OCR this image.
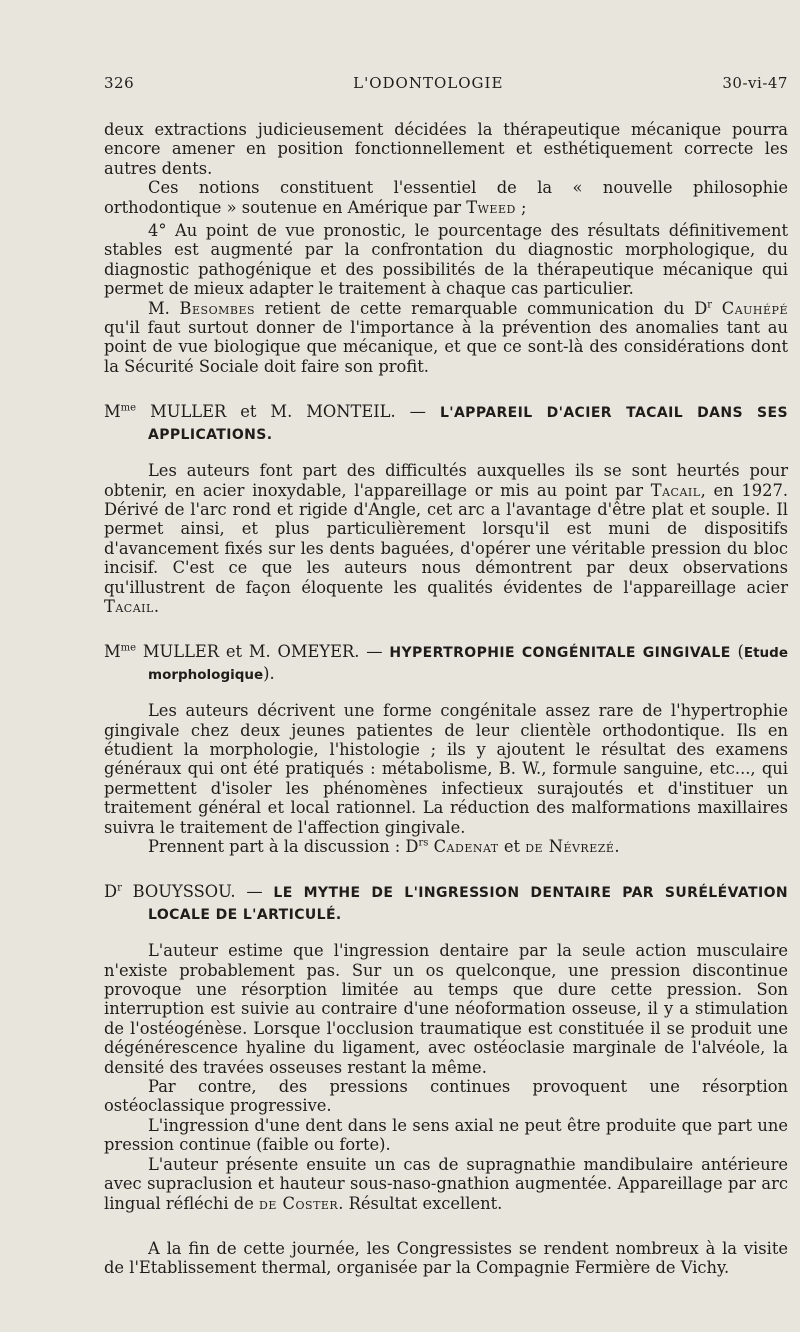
326	L'ODONTOLOGIE	30-vi-47

deux extractions judicieusement décidées la thérapeutique mécanique pourra encore amener en position fonctionnellement et esthétiquement correcte les autres dents.

Ces notions constituent l'essentiel de la « nouvelle philosophie orthodontique » soutenue en Amérique par Tweed ;

4° Au point de vue pronostic, le pourcentage des résultats définitivement stables est augmenté par la confrontation du diagnostic morphologique, du diagnostic pathogénique et des possibilités de la thérapeutique mécanique qui permet de mieux adapter le traitement à chaque cas particulier.

M. Besombes retient de cette remarquable communication du $D^r$ Cauhépé qu'il faut surtout donner de l'importance à la prévention des anomalies tant au point de vue biologique que mécanique, et que ce sont-là des considérations dont la Sécurité Sociale doit faire son profit.

$M^{me}$ MULLER et M. MONTEIL. — L'APPAREIL D'ACIER TACAIL DANS SES APPLICATIONS.

Les auteurs font part des difficultés auxquelles ils se sont heurtés pour obtenir, en acier inoxydable, l'appareillage or mis au point par Tacail, en 1927. Dérivé de l'arc rond et rigide d'Angle, cet arc a l'avantage d'être plat et souple. Il permet ainsi, et plus particulièrement lorsqu'il est muni de dispositifs d'avancement fixés sur les dents baguées, d'opérer une véritable pression du bloc incisif. C'est ce que les auteurs nous démontrent par deux observations qu'illustrent de façon éloquente les qualités évidentes de l'appareillage acier Tacail.

$M^{me}$ MULLER et M. OMEYER. — HYPERTROPHIE CONGÉNITALE GINGIVALE (Etude morphologique).

Les auteurs décrivent une forme congénitale assez rare de l'hypertrophie gingivale chez deux jeunes patientes de leur clientèle orthodontique. Ils en étudient la morphologie, l'histologie ; ils y ajoutent le résultat des examens généraux qui ont été pratiqués : métabolisme, B. W., formule sanguine, etc..., qui permettent d'isoler les phénomènes infectieux surajoutés et d'instituer un traitement général et local rationnel. La réduction des malformations maxillaires suivra le traitement de l'affection gingivale.

Prennent part à la discussion : $D^{rs}$ Cadenat et de Névrezé.

$D^r$ BOUYSSOU. — LE MYTHE DE L'INGRESSION DENTAIRE PAR SURÉLÉVATION LOCALE DE L'ARTICULÉ.

L'auteur estime que l'ingression dentaire par la seule action musculaire n'existe probablement pas. Sur un os quelconque, une pression discontinue provoque une résorption limitée au temps que dure cette pression. Son interruption est suivie au contraire d'une néoformation osseuse, il y a stimulation de l'ostéogénèse. Lorsque l'occlusion traumatique est constituée il se produit une dégénérescence hyaline du ligament, avec ostéoclasie marginale de l'alvéole, la densité des travées osseuses restant la même.

Par contre, des pressions continues provoquent une résorption ostéoclassique progressive.

L'ingression d'une dent dans le sens axial ne peut être produite que part une pression continue (faible ou forte).

L'auteur présente ensuite un cas de supragnathie mandibulaire antérieure avec supraclusion et hauteur sous-naso-gnathion augmentée. Appareillage par arc lingual réfléchi de de Coster. Résultat excellent.

A la fin de cette journée, les Congressistes se rendent nombreux à la visite de l'Etablissement thermal, organisée par la Compagnie Fermière de Vichy.
